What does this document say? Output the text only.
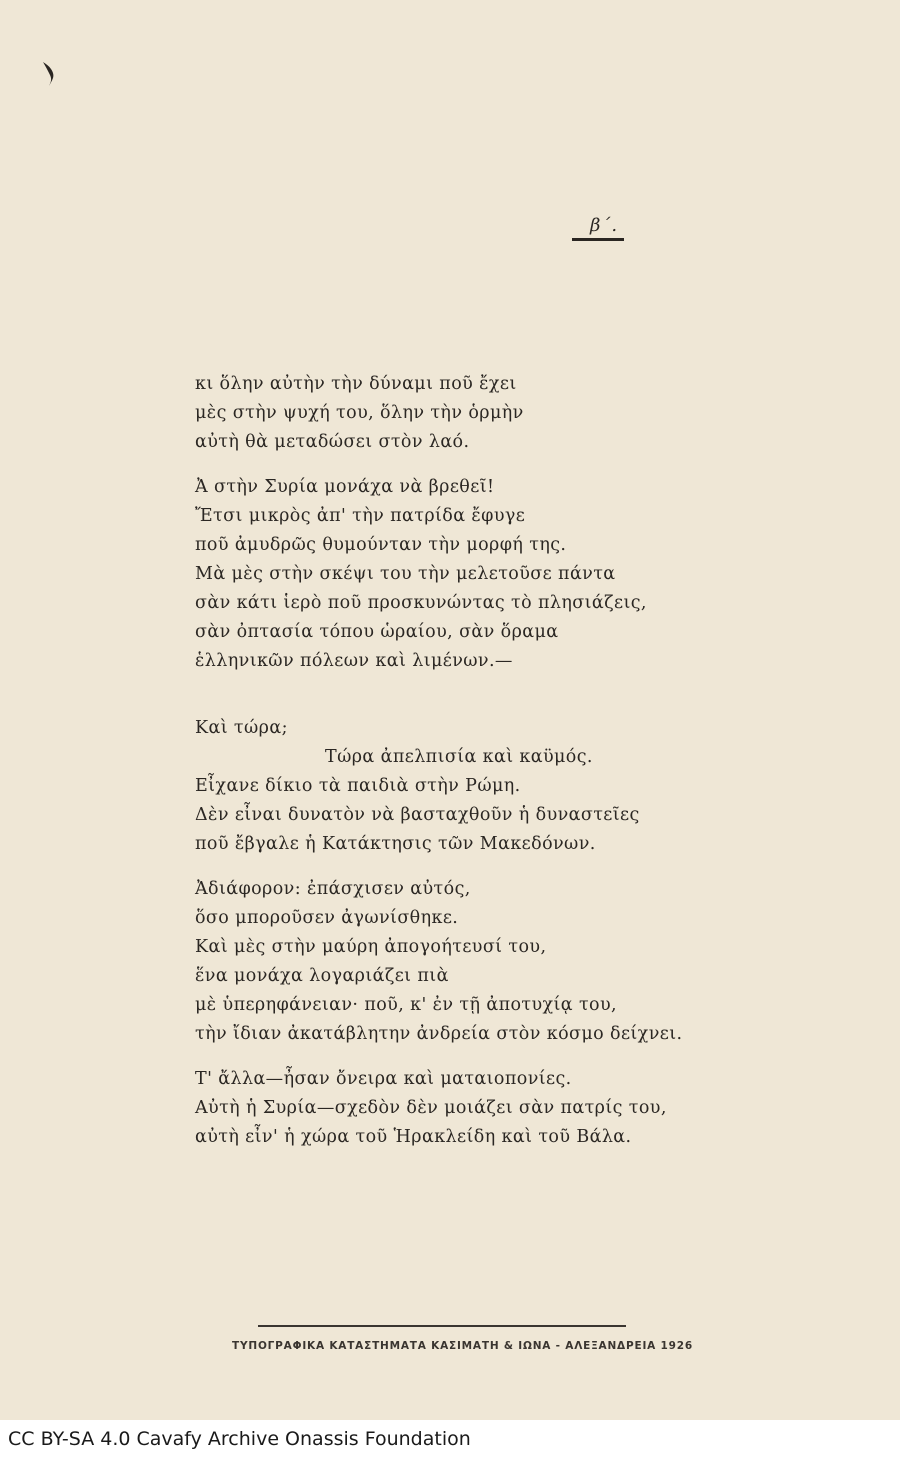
β΄.
κι ὅλην αὐτὴν τὴν δύναμι ποῦ ἔχει
μὲς στὴν ψυχή του, ὅλην τὴν ὁρμὴν
αὐτὴ θὰ μεταδώσει στὸν λαό.
Ἀ στὴν Συρία μονάχα νὰ βρεθεῖ!
Ἔτσι μικρὸς ἀπ' τὴν πατρίδα ἔφυγε
ποῦ ἀμυδρῶς θυμούνταν τὴν μορφή της.
Μὰ μὲς στὴν σκέψι του τὴν μελετοῦσε πάντα
σὰν κάτι ἱερὸ ποῦ προσκυνώντας τὸ πλησιάζεις,
σὰν ὀπτασία τόπου ὡραίου, σὰν ὅραμα
ἑλληνικῶν πόλεων καὶ λιμένων.—
Καὶ τώρα;
Τώρα ἀπελπισία καὶ καϋμός.
Εἶχανε δίκιο τὰ παιδιὰ στὴν Ρώμη.
Δὲν εἶναι δυνατὸν νὰ βασταχθοῦν ἡ δυναστεῖες
ποῦ ἔβγαλε ἡ Κατάκτησις τῶν Μακεδόνων.
Ἀδιάφορον: ἐπάσχισεν αὐτός,
ὅσο μποροῦσεν ἀγωνίσθηκε.
Καὶ μὲς στὴν μαύρη ἀπογοήτευσί του,
ἕνα μονάχα λογαριάζει πιὰ
μὲ ὑπερηφάνειαν· ποῦ, κ' ἐν τῇ ἀποτυχίᾳ του,
τὴν ἴδιαν ἀκατάβλητην ἀνδρεία στὸν κόσμο δείχνει.
Τ' ἄλλα—ἦσαν ὄνειρα καὶ ματαιοπονίες.
Αὐτὴ ἡ Συρία—σχεδὸν δὲν μοιάζει σὰν πατρίς του,
αὐτὴ εἶν' ἡ χώρα τοῦ Ἡρακλείδη καὶ τοῦ Βάλα.
ΤΥΠΟΓΡΑΦΙΚΑ ΚΑΤΑΣΤΗΜΑΤΑ ΚΑΣΙΜΑΤΗ & ΙΩΝΑ - ΑΛΕΞΑΝΔΡΕΙΑ 1926
CC BY-SA 4.0 Cavafy Archive Onassis Foundation
